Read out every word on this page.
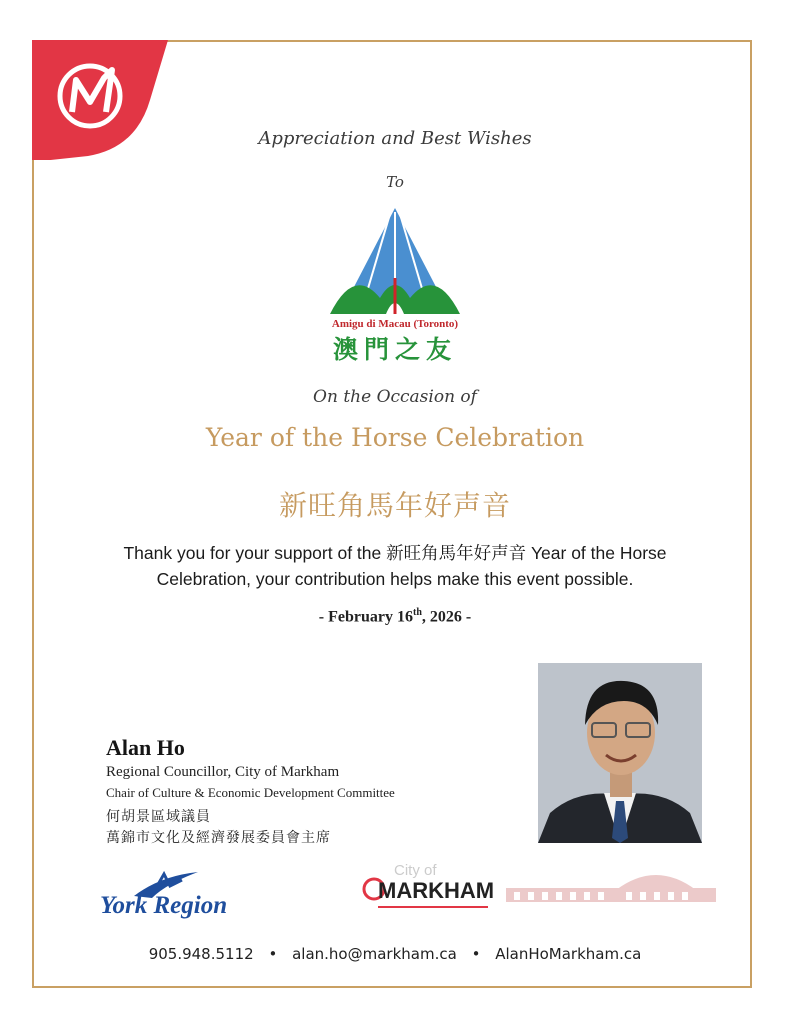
Appreciation and Best Wishes
To
Amigu di Macau (Toronto)
澳門之友
On the Occasion of
Year of the Horse Celebration
新旺角馬年好声音
Thank you for your support of the 新旺角馬年好声音 Year of the Horse
Celebration, your contribution helps make this event possible.
- February 16th, 2026 -
Alan Ho
Regional Councillor, City of Markham
Chair of Culture & Economic Development Committee
何胡景區域議員
萬錦市文化及經濟發展委員會主席
York Region
City of
MARKHAM
905.948.5112 • alan.ho@markham.ca • AlanHoMarkham.ca
